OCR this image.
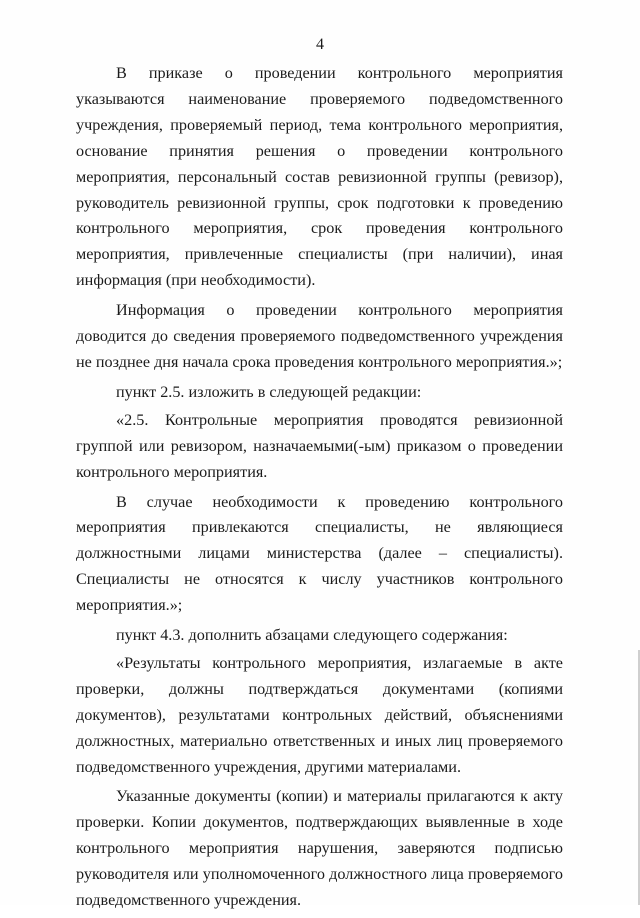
4

В приказе о проведении контрольного мероприятия указываются наименование проверяемого подведомственного учреждения, проверяемый период, тема контрольного мероприятия, основание принятия решения о проведении контрольного мероприятия, персональный состав ревизионной группы (ревизор), руководитель ревизионной группы, срок подготовки к проведению контрольного мероприятия, срок проведения контрольного мероприятия, привлеченные специалисты (при наличии), иная информация (при необходимости).

Информация о проведении контрольного мероприятия доводится до сведения проверяемого подведомственного учреждения не позднее дня начала срока проведения контрольного мероприятия.»;

пункт 2.5. изложить в следующей редакции:

«2.5. Контрольные мероприятия проводятся ревизионной группой или ревизором, назначаемыми(-ым) приказом о проведении контрольного мероприятия.

В случае необходимости к проведению контрольного мероприятия привлекаются специалисты, не являющиеся должностными лицами министерства (далее – специалисты). Специалисты не относятся к числу участников контрольного мероприятия.»;

пункт 4.3. дополнить абзацами следующего содержания:

«Результаты контрольного мероприятия, излагаемые в акте проверки, должны подтверждаться документами (копиями документов), результатами контрольных действий, объяснениями должностных, материально ответственных и иных лиц проверяемого подведомственного учреждения, другими материалами.

Указанные документы (копии) и материалы прилагаются к акту проверки. Копии документов, подтверждающих выявленные в ходе контрольного мероприятия нарушения, заверяются подписью руководителя или уполномоченного должностного лица проверяемого подведомственного учреждения.
